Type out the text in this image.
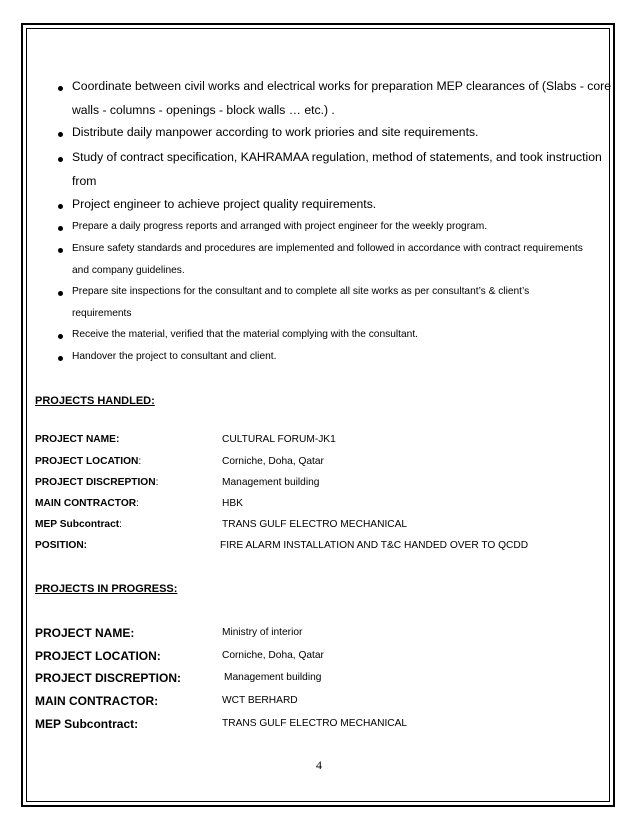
Coordinate between civil works and electrical works for preparation MEP clearances of (Slabs - core
walls - columns - openings - block walls … etc.) .
Distribute daily manpower according to work priories and site requirements.
Study of contract specification, KAHRAMAA regulation, method of statements, and took instruction
from
Project engineer to achieve project quality requirements.
Prepare a daily progress reports and arranged with project engineer for the weekly program.
Ensure safety standards and procedures are implemented and followed in accordance with contract requirements
and company guidelines.
Prepare site inspections for the consultant and to complete all site works as per consultant’s & client’s
requirements
Receive the material, verified that the material complying with the consultant.
Handover the project to consultant and client.
PROJECTS HANDLED:
PROJECT NAME:	CULTURAL FORUM-JK1
PROJECT LOCATION:	Corniche, Doha, Qatar
PROJECT DISCREPTION:	Management building
MAIN CONTRACTOR:	HBK
MEP Subcontract:	TRANS GULF ELECTRO MECHANICAL
POSITION:	FIRE ALARM INSTALLATION AND T&C HANDED OVER TO QCDD
PROJECTS IN PROGRESS:
PROJECT NAME:	Ministry of interior
PROJECT LOCATION:	Corniche, Doha, Qatar
PROJECT DISCREPTION:	Management building
MAIN CONTRACTOR:	WCT BERHARD
MEP Subcontract:	TRANS GULF ELECTRO MECHANICAL
4
